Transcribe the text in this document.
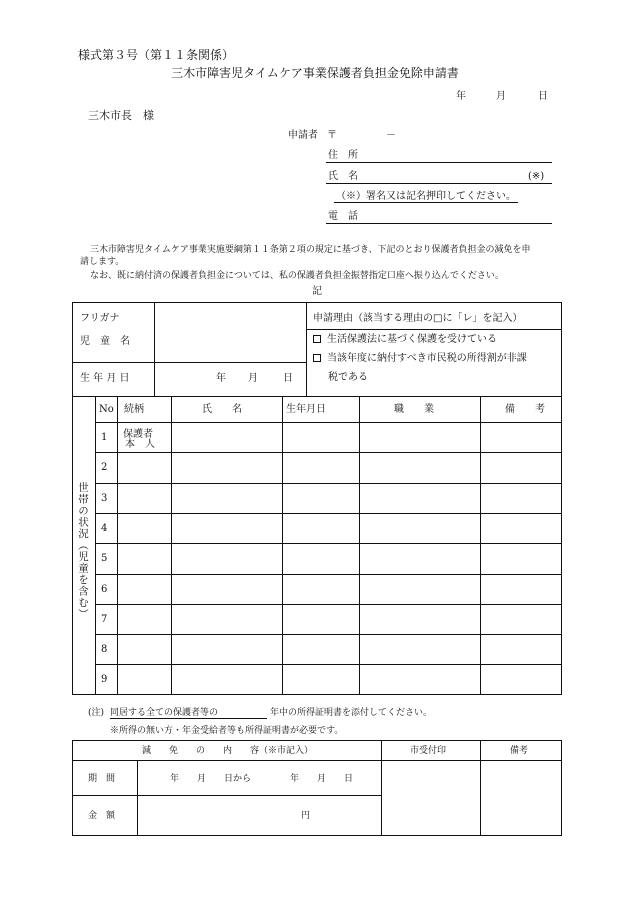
様式第３号（第１１条関係）
三木市障害児タイムケア事業保護者負担金免除申請書
年	月	日
三木市長　様
申請者 〒	－
住　所
氏　名	(※)
（※）署名又は記名押印してください。
電　話
三木市障害児タイムケア事業実施要綱第１１条第２項の規定に基づき、下記のとおり保護者負担金の減免を申
請します。
なお、既に納付済の保護者負担金については、私の保護者負担金振替指定口座へ振り込んでください。
記
フリガナ
児　童　名
生 年 月 日	年 月	日
申請理由（該当する理由の□に「レ」を記入）
生活保護法に基づく保護を受けている
当該年度に納付すべき市民税の所得割が非課
税である
世帯の状況（児童を含む）
No 続柄	氏　　名	生年月日	職　　業	備　　考
1 保護者
本　人
2
3
4
5
6
7
8
9
(注) 同居する全ての保護者等の	年中の所得証明書を添付してください。
※所得の無い方・年金受給者等も所得証明書が必要です。
減　　免　　の　　内　　容（※市記入）	市受付印	備考
期　間	年　　月　　日から	年　　月　　日
金　額	円
